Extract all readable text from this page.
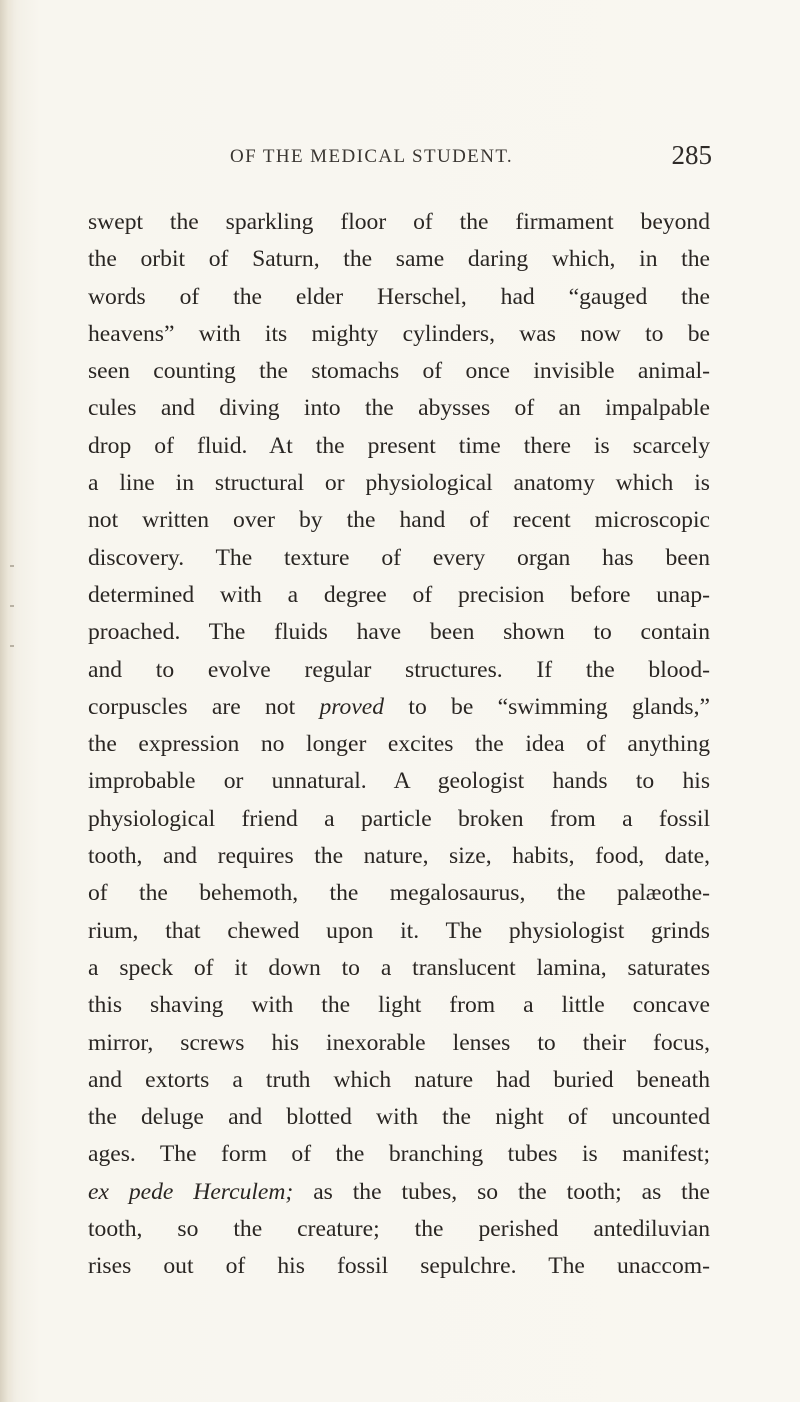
OF THE MEDICAL STUDENT.	285
swept the sparkling floor of the firmament beyond
the orbit of Saturn, the same daring which, in the
words of the elder Herschel, had “gauged the
heavens” with its mighty cylinders, was now to be
seen counting the stomachs of once invisible animal-
cules and diving into the abysses of an impalpable
drop of fluid. At the present time there is scarcely
a line in structural or physiological anatomy which is
not written over by the hand of recent microscopic
discovery. The texture of every organ has been
determined with a degree of precision before unap-
proached. The fluids have been shown to contain
and to evolve regular structures. If the blood-
corpuscles are not proved to be “swimming glands,”
the expression no longer excites the idea of anything
improbable or unnatural. A geologist hands to his
physiological friend a particle broken from a fossil
tooth, and requires the nature, size, habits, food, date,
of the behemoth, the megalosaurus, the palæothe-
rium, that chewed upon it. The physiologist grinds
a speck of it down to a translucent lamina, saturates
this shaving with the light from a little concave
mirror, screws his inexorable lenses to their focus,
and extorts a truth which nature had buried beneath
the deluge and blotted with the night of uncounted
ages. The form of the branching tubes is manifest;
ex pede Herculem; as the tubes, so the tooth; as the
tooth, so the creature; the perished antediluvian
rises out of his fossil sepulchre. The unaccom-
